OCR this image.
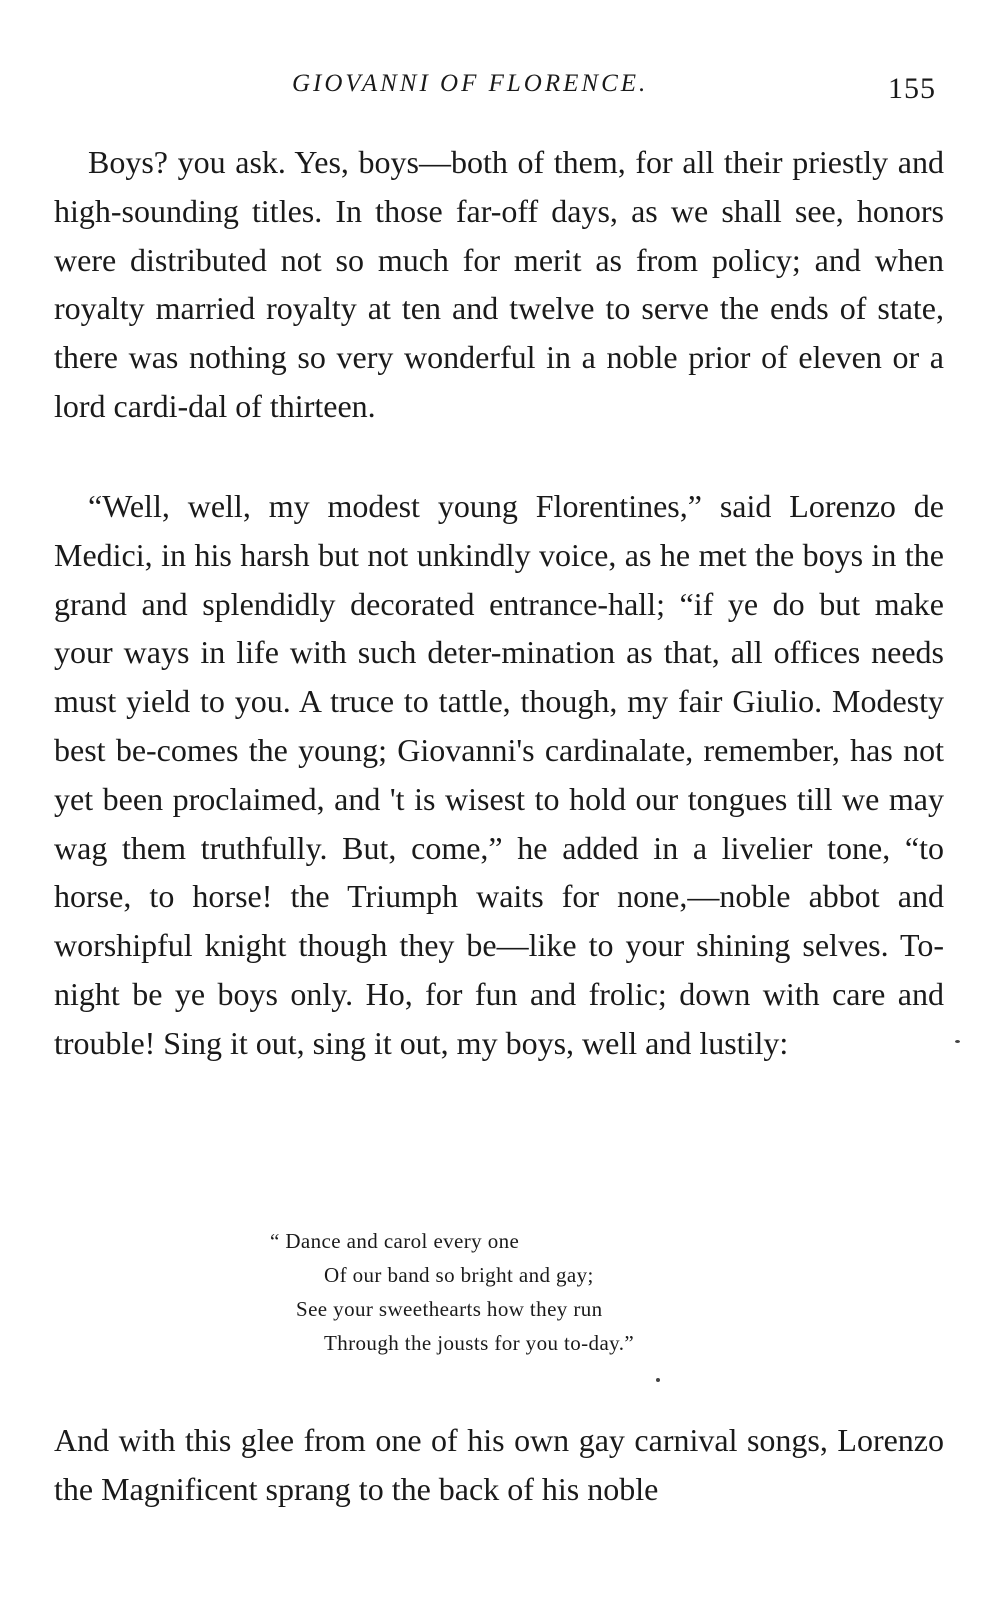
GIOVANNI OF FLORENCE.	155

Boys? you ask. Yes, boys—both of them, for all their priestly and high-sounding titles. In those far-off days, as we shall see, honors were distributed not so much for merit as from policy; and when royalty married royalty at ten and twelve to serve the ends of state, there was nothing so very wonderful in a noble prior of eleven or a lord cardi-dal of thirteen.

“Well, well, my modest young Florentines,” said Lorenzo de Medici, in his harsh but not unkindly voice, as he met the boys in the grand and splendidly decorated entrance-hall; “if ye do but make your ways in life with such deter-mination as that, all offices needs must yield to you. A truce to tattle, though, my fair Giulio. Modesty best be-comes the young; Giovanni's cardinalate, remember, has not yet been proclaimed, and 't is wisest to hold our tongues till we may wag them truthfully. But, come,” he added in a livelier tone, “to horse, to horse! the Triumph waits for none,—noble abbot and worshipful knight though they be—like to your shining selves. To-night be ye boys only. Ho, for fun and frolic; down with care and trouble! Sing it out, sing it out, my boys, well and lustily:

“ Dance and carol every one
Of our band so bright and gay;
See your sweethearts how they run
Through the jousts for you to-day.”

And with this glee from one of his own gay carnival songs, Lorenzo the Magnificent sprang to the back of his noble
